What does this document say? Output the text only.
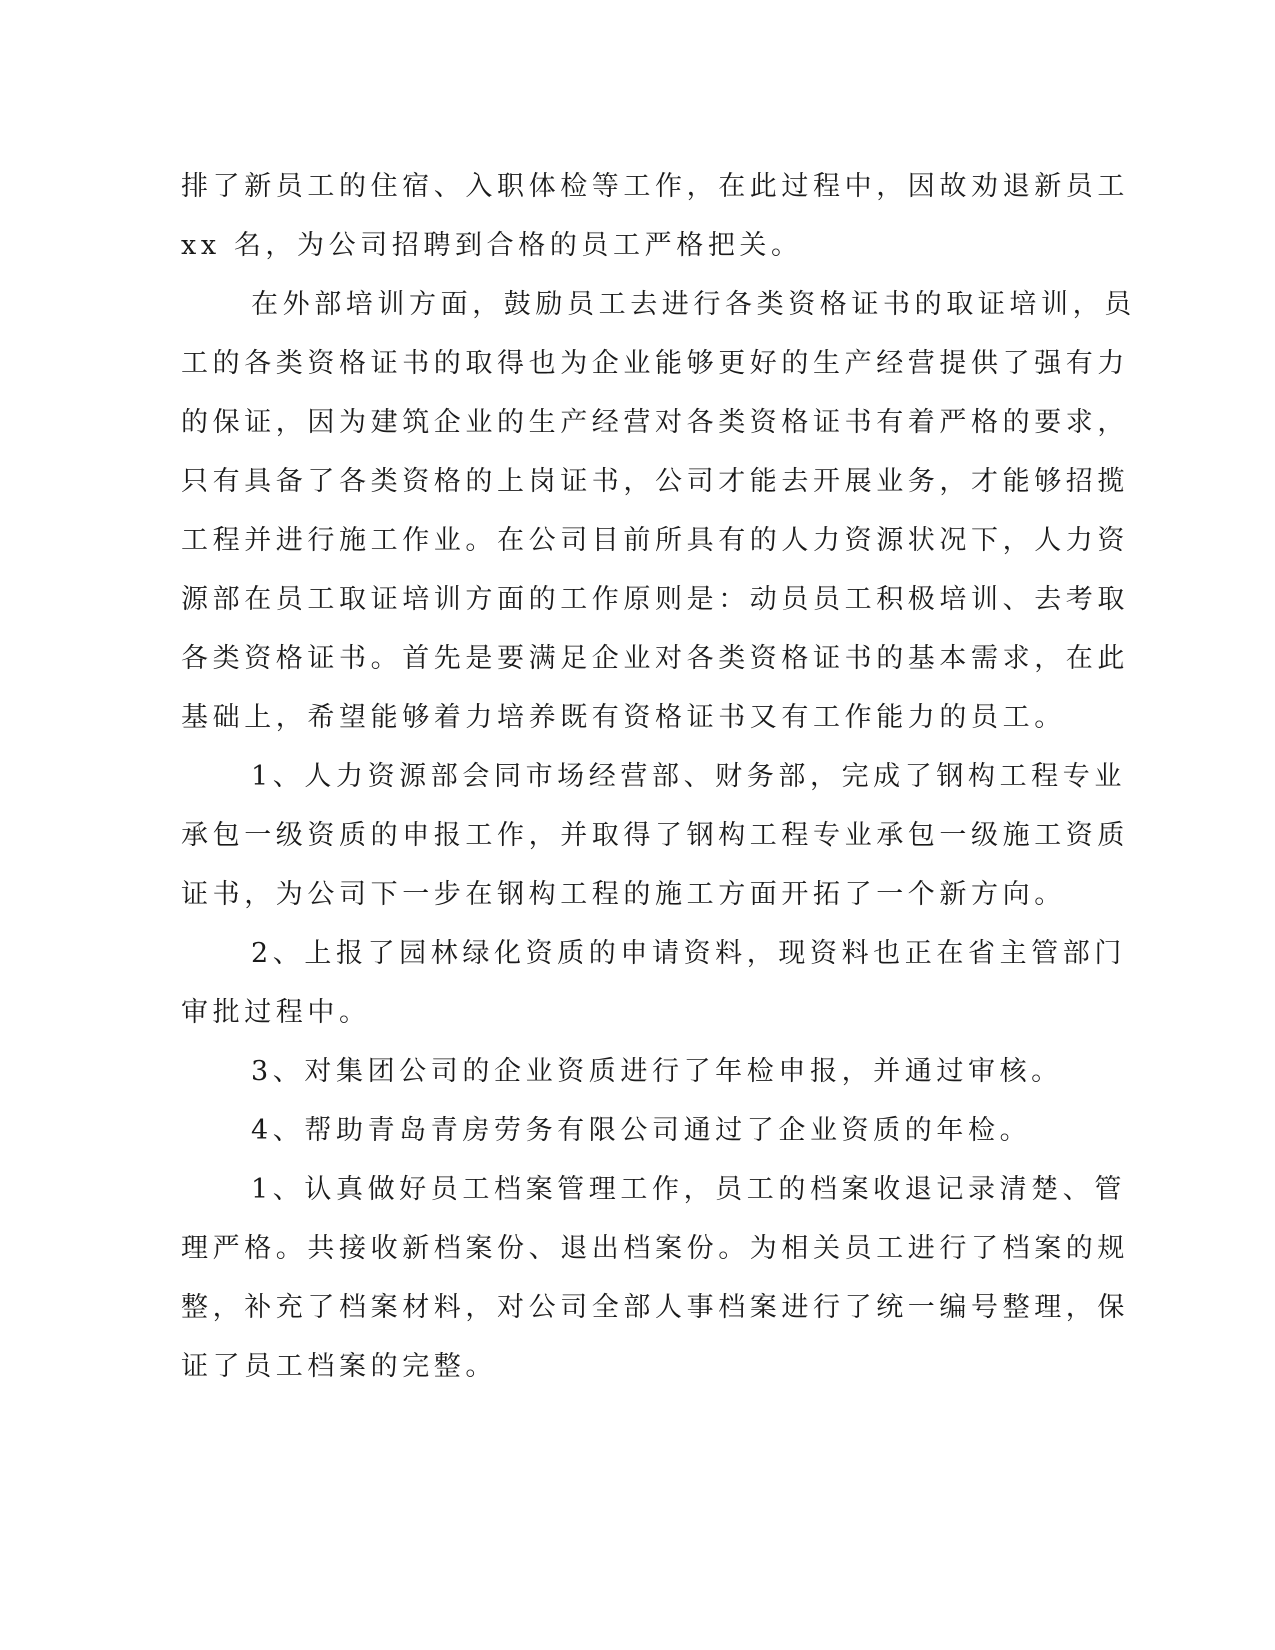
排了新员工的住宿、入职体检等工作，在此过程中，因故劝退新员工
xx 名，为公司招聘到合格的员工严格把关。
在外部培训方面，鼓励员工去进行各类资格证书的取证培训，员
工的各类资格证书的取得也为企业能够更好的生产经营提供了强有力
的保证，因为建筑企业的生产经营对各类资格证书有着严格的要求，
只有具备了各类资格的上岗证书，公司才能去开展业务，才能够招揽
工程并进行施工作业。在公司目前所具有的人力资源状况下，人力资
源部在员工取证培训方面的工作原则是：动员员工积极培训、去考取
各类资格证书。首先是要满足企业对各类资格证书的基本需求，在此
基础上，希望能够着力培养既有资格证书又有工作能力的员工。
1、人力资源部会同市场经营部、财务部，完成了钢构工程专业
承包一级资质的申报工作，并取得了钢构工程专业承包一级施工资质
证书，为公司下一步在钢构工程的施工方面开拓了一个新方向。
2、上报了园林绿化资质的申请资料，现资料也正在省主管部门
审批过程中。
3、对集团公司的企业资质进行了年检申报，并通过审核。
4、帮助青岛青房劳务有限公司通过了企业资质的年检。
1、认真做好员工档案管理工作，员工的档案收退记录清楚、管
理严格。共接收新档案份、退出档案份。为相关员工进行了档案的规
整，补充了档案材料，对公司全部人事档案进行了统一编号整理，保
证了员工档案的完整。
